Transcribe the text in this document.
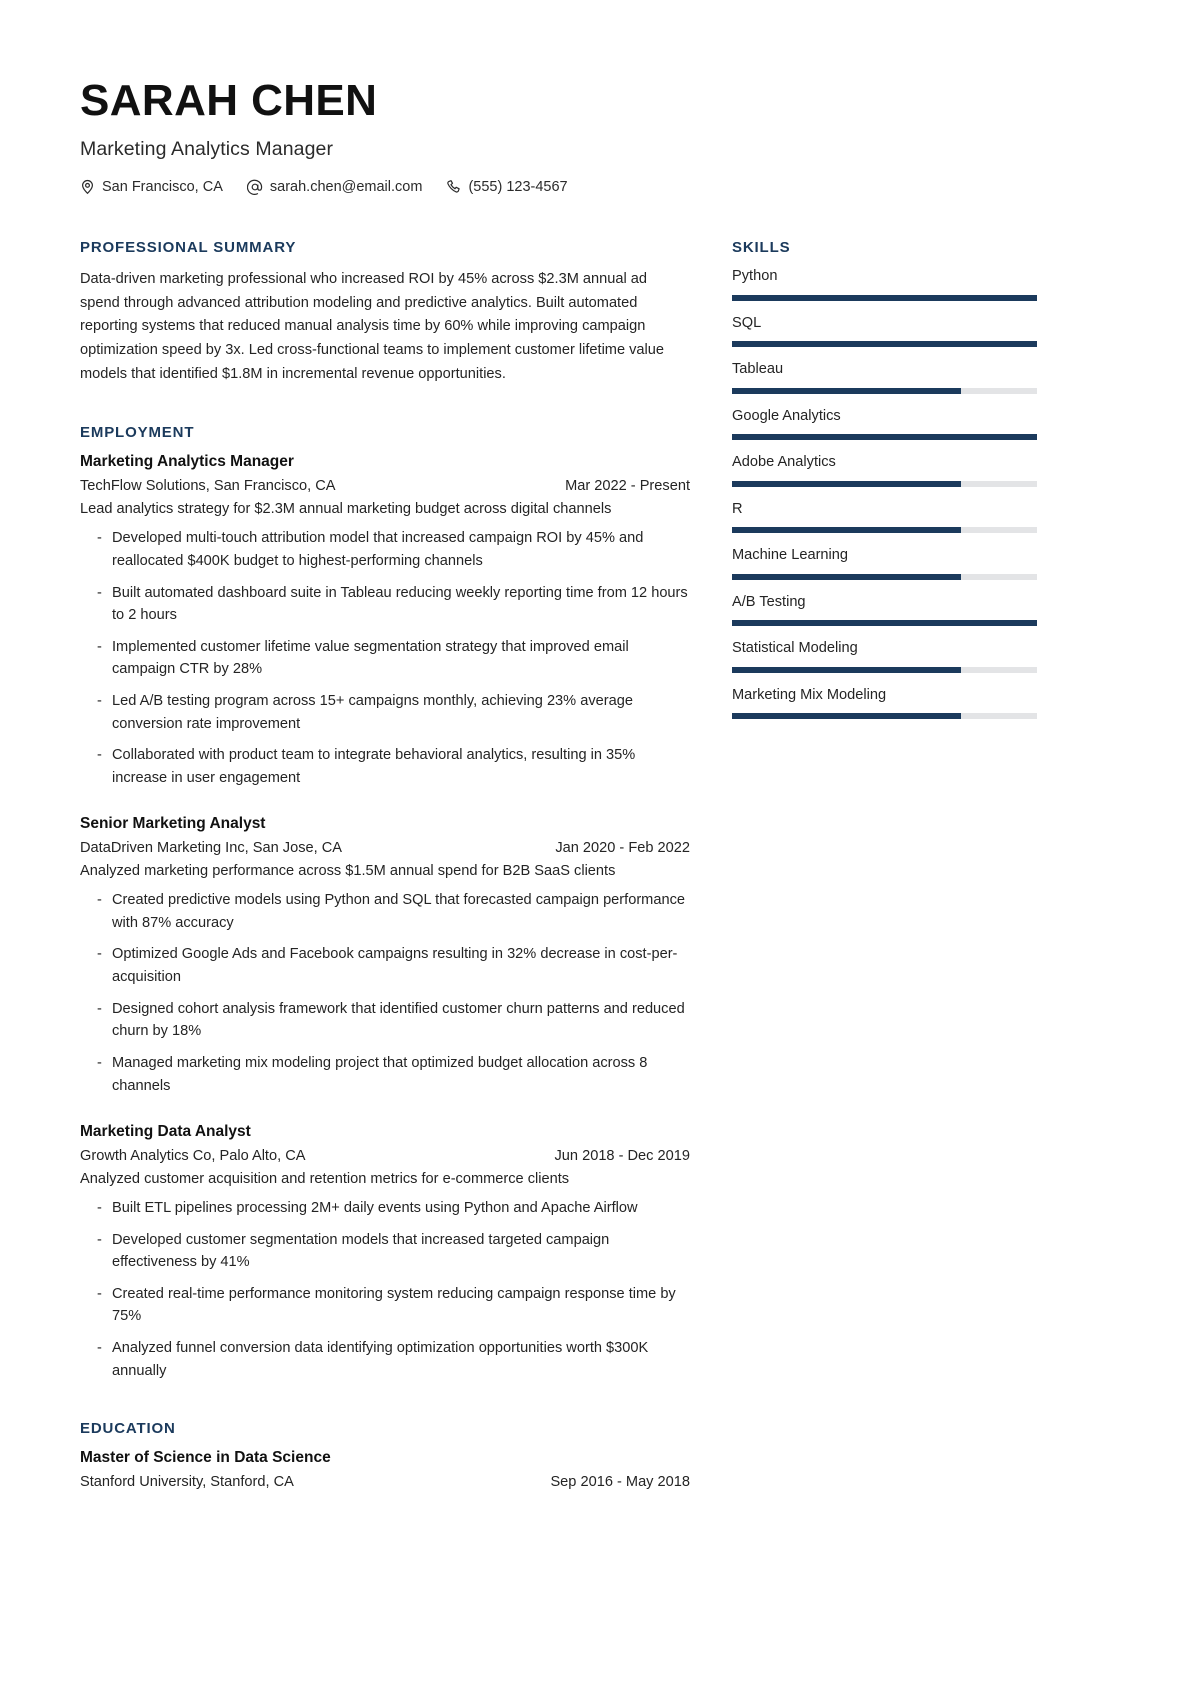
SARAH CHEN
Marketing Analytics Manager
San Francisco, CA	sarah.chen@email.com	(555) 123-4567
PROFESSIONAL SUMMARY

Data-driven marketing professional who increased ROI by 45% across $2.3M annual ad spend through advanced attribution modeling and predictive analytics. Built automated reporting systems that reduced manual analysis time by 60% while improving campaign optimization speed by 3x. Led cross-functional teams to implement customer lifetime value models that identified $1.8M in incremental revenue opportunities.

EMPLOYMENT
Marketing Analytics Manager
TechFlow Solutions, San Francisco, CA	Mar 2022 - Present
Lead analytics strategy for $2.3M annual marketing budget across digital channels
- Developed multi-touch attribution model that increased campaign ROI by 45% and reallocated $400K budget to highest-performing channels
- Built automated dashboard suite in Tableau reducing weekly reporting time from 12 hours to 2 hours
- Implemented customer lifetime value segmentation strategy that improved email campaign CTR by 28%
- Led A/B testing program across 15+ campaigns monthly, achieving 23% average conversion rate improvement
- Collaborated with product team to integrate behavioral analytics, resulting in 35% increase in user engagement
Senior Marketing Analyst
DataDriven Marketing Inc, San Jose, CA	Jan 2020 - Feb 2022
Analyzed marketing performance across $1.5M annual spend for B2B SaaS clients
- Created predictive models using Python and SQL that forecasted campaign performance with 87% accuracy
- Optimized Google Ads and Facebook campaigns resulting in 32% decrease in cost-per-acquisition
- Designed cohort analysis framework that identified customer churn patterns and reduced churn by 18%
- Managed marketing mix modeling project that optimized budget allocation across 8 channels
Marketing Data Analyst
Growth Analytics Co, Palo Alto, CA	Jun 2018 - Dec 2019
Analyzed customer acquisition and retention metrics for e-commerce clients
- Built ETL pipelines processing 2M+ daily events using Python and Apache Airflow
- Developed customer segmentation models that increased targeted campaign effectiveness by 41%
- Created real-time performance monitoring system reducing campaign response time by 75%
- Analyzed funnel conversion data identifying optimization opportunities worth $300K annually
EDUCATION
Master of Science in Data Science
Stanford University, Stanford, CA	Sep 2016 - May 2018
SKILLS
Python
SQL
Tableau
Google Analytics
Adobe Analytics
R
Machine Learning
A/B Testing
Statistical Modeling
Marketing Mix Modeling
